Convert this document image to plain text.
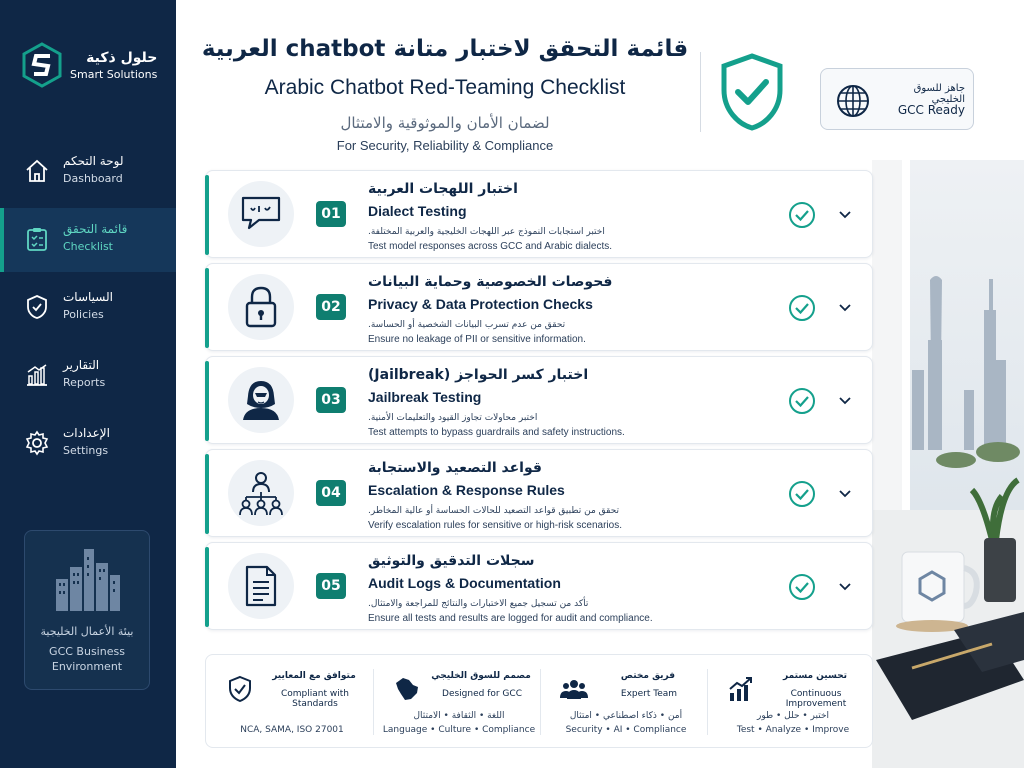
حلول ذكية
Smart Solutions
لوحة التحكم
Dashboard
قائمة التحقق
Checklist
السياسات
Policies
التقارير
Reports
الإعدادات
Settings
بيئة الأعمال الخليجية
GCC Business Environment
قائمة التحقق لاختبار متانة chatbot العربية
Arabic Chatbot Red-Teaming Checklist
لضمان الأمان والموثوقية والامتثال
For Security, Reliability & Compliance
جاهز للسوق الخليجي
GCC Ready
01
اختبار اللهجات العربية
Dialect Testing
اختبر استجابات النموذج عبر اللهجات الخليجية والعربية المختلفة.
Test model responses across GCC and Arabic dialects.
02
فحوصات الخصوصية وحماية البيانات
Privacy & Data Protection Checks
تحقق من عدم تسرب البيانات الشخصية أو الحساسة.
Ensure no leakage of PII or sensitive information.
03
اختبار كسر الحواجز (Jailbreak)
Jailbreak Testing
اختبر محاولات تجاوز القيود والتعليمات الأمنية.
Test attempts to bypass guardrails and safety instructions.
04
قواعد التصعيد والاستجابة
Escalation & Response Rules
تحقق من تطبيق قواعد التصعيد للحالات الحساسة أو عالية المخاطر.
Verify escalation rules for sensitive or high-risk scenarios.
05
سجلات التدقيق والتوثيق
Audit Logs & Documentation
تأكد من تسجيل جميع الاختبارات والنتائج للمراجعة والامتثال.
Ensure all tests and results are logged for audit and compliance.
متوافق مع المعايير
Compliant with Standards
NCA, SAMA, ISO 27001
مصمم للسوق الخليجي
Designed for GCC
اللغة • الثقافة • الامتثال
Language • Culture • Compliance
فريق مختص
Expert Team
أمن • ذكاء اصطناعي • امتثال
Security • AI • Compliance
تحسين مستمر
Continuous Improvement
اختبر • حلل • طور
Test • Analyze • Improve
